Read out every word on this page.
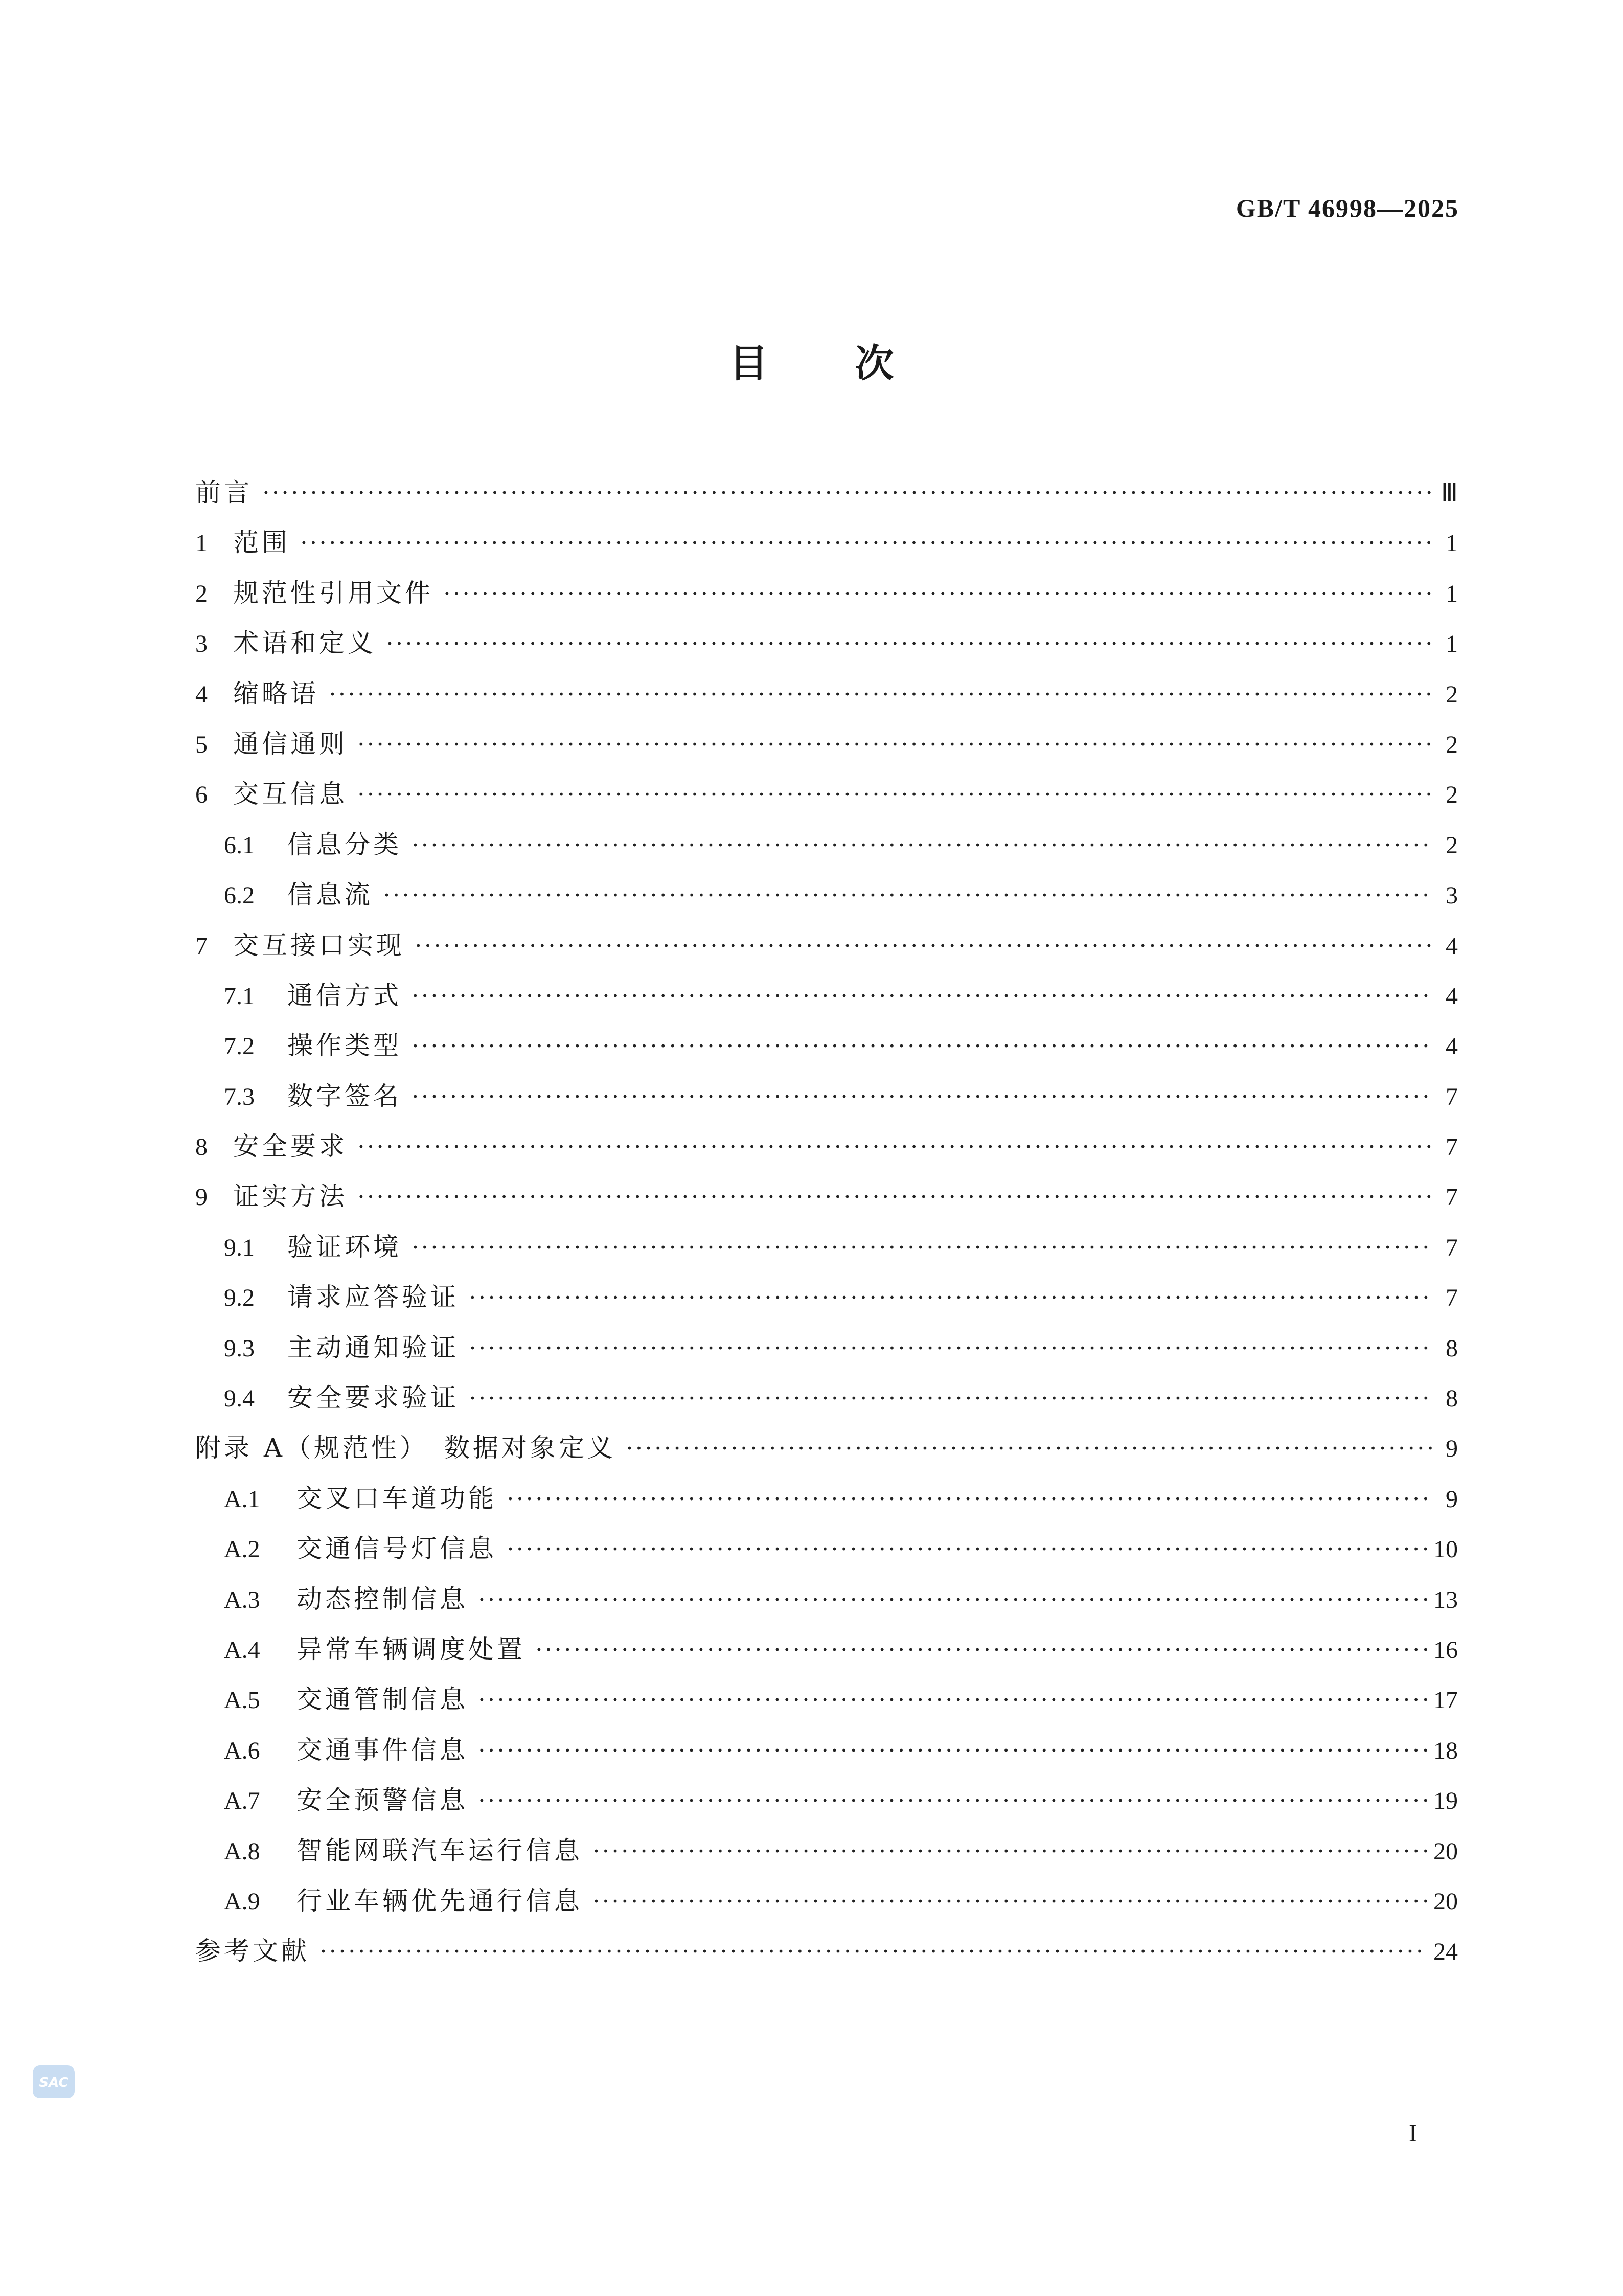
GB/T 46998—2025
目 次
前言 ·····	Ⅲ
1	范围 ·····	1
2	规范性引用文件 ·····	1
3	术语和定义 ·····	1
4	缩略语 ·····	2
5	通信通则 ·····	2
6	交互信息 ·····	2
6.1	信息分类 ·····	2
6.2	信息流 ·····	3
7	交互接口实现 ·····	4
7.1	通信方式 ·····	4
7.2	操作类型 ·····	4
7.3	数字签名 ·····	7
8	安全要求 ·····	7
9	证实方法 ·····	7
9.1	验证环境 ·····	7
9.2	请求应答验证 ·····	7
9.3	主动通知验证 ·····	8
9.4	安全要求验证 ·····	8
附录 A（规范性）　数据对象定义 ·····	9
A.1	交叉口车道功能 ·····	9
A.2	交通信号灯信息 ·····	10
A.3	动态控制信息 ·····	13
A.4	异常车辆调度处置 ·····	16
A.5	交通管制信息 ·····	17
A.6	交通事件信息 ·····	18
A.7	安全预警信息 ·····	19
A.8	智能网联汽车运行信息 ·····	20
A.9	行业车辆优先通行信息 ·····	20
参考文献 ·····	24
SAC
I
